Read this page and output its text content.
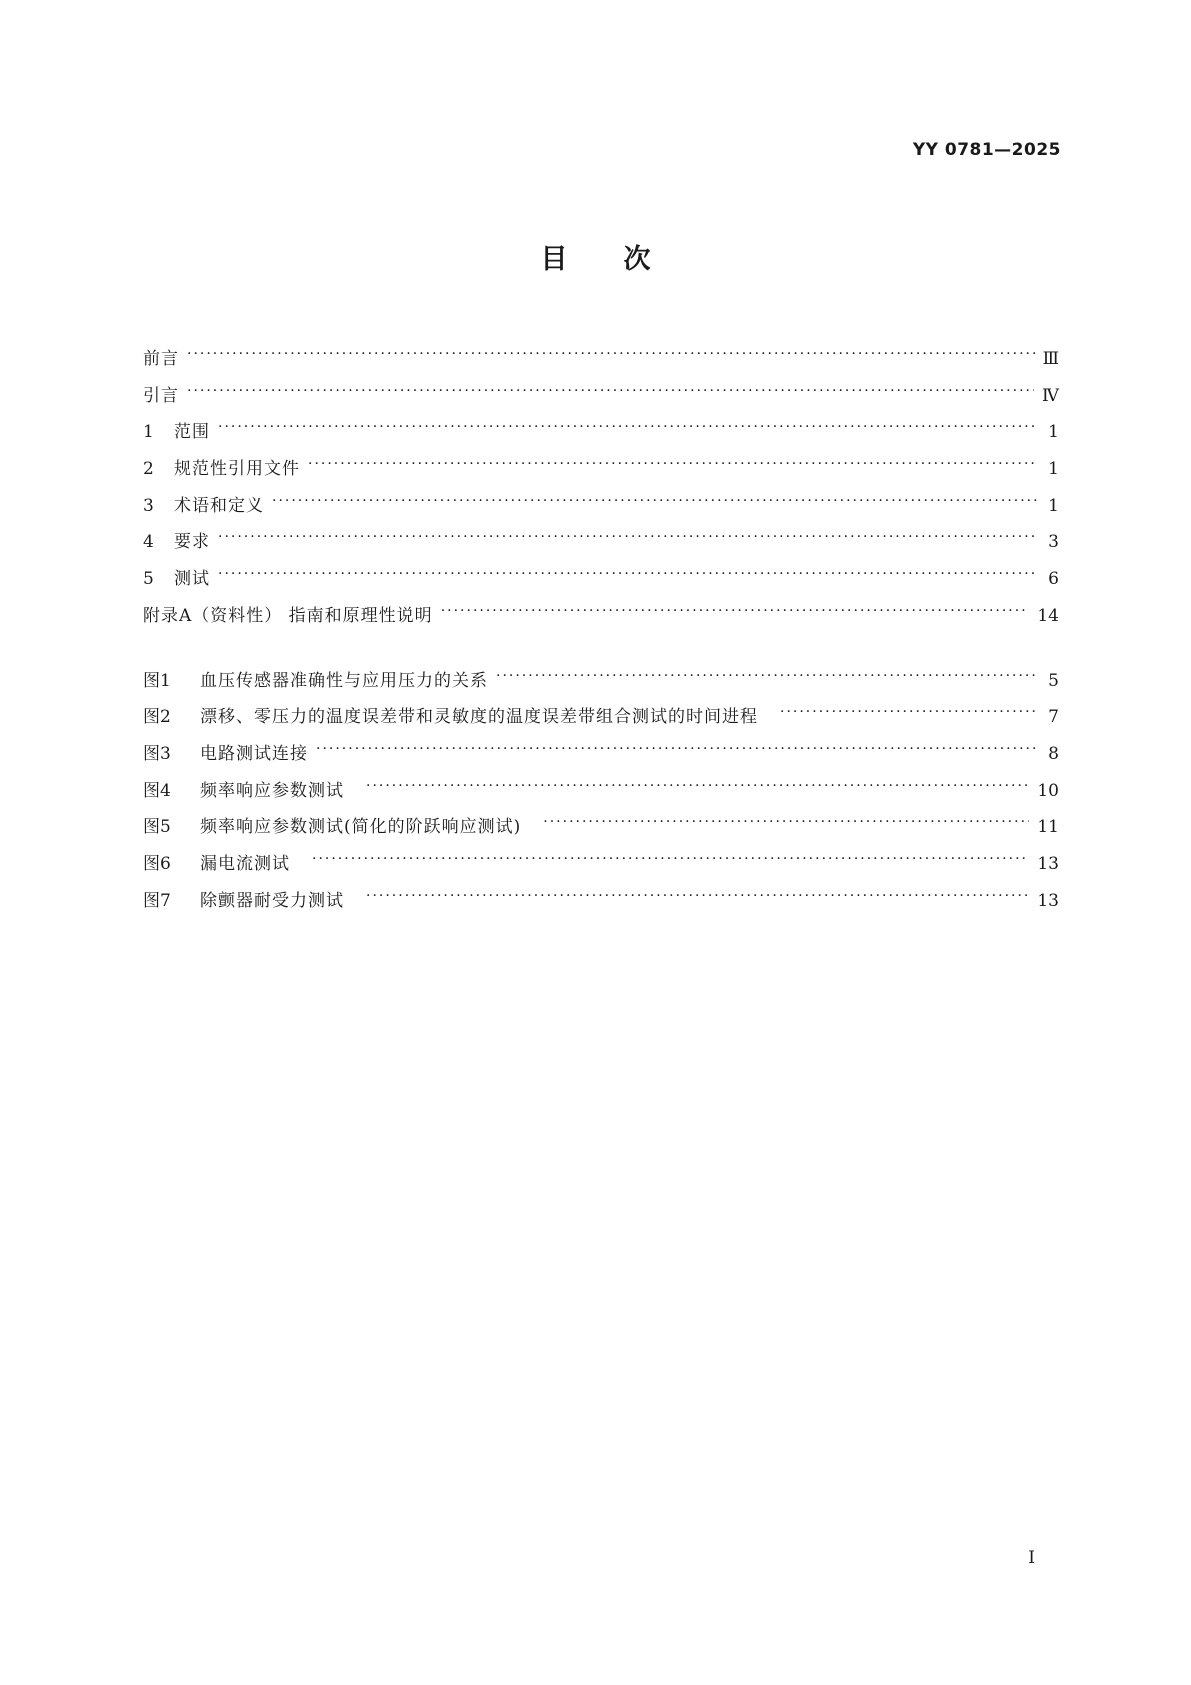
YY 0781—2025
目次
前言 ·····	Ⅲ
引言 ·····	Ⅳ
1	范围 ·····	1
2	规范性引用文件 ·····	1
3	术语和定义 ·····	1
4	要求 ·····	3
5	测试 ·····	6
附录A（资料性） 指南和原理性说明 ·····	14
图1	血压传感器准确性与应用压力的关系 ·····	5
图2	漂移、零压力的温度误差带和灵敏度的温度误差带组合测试的时间进程 ·····	7
图3	电路测试连接 ·····	8
图4	频率响应参数测试 ·····	10
图5	频率响应参数测试(简化的阶跃响应测试) ·····	11
图6	漏电流测试 ·····	13
图7	除颤器耐受力测试 ·····	13
I
